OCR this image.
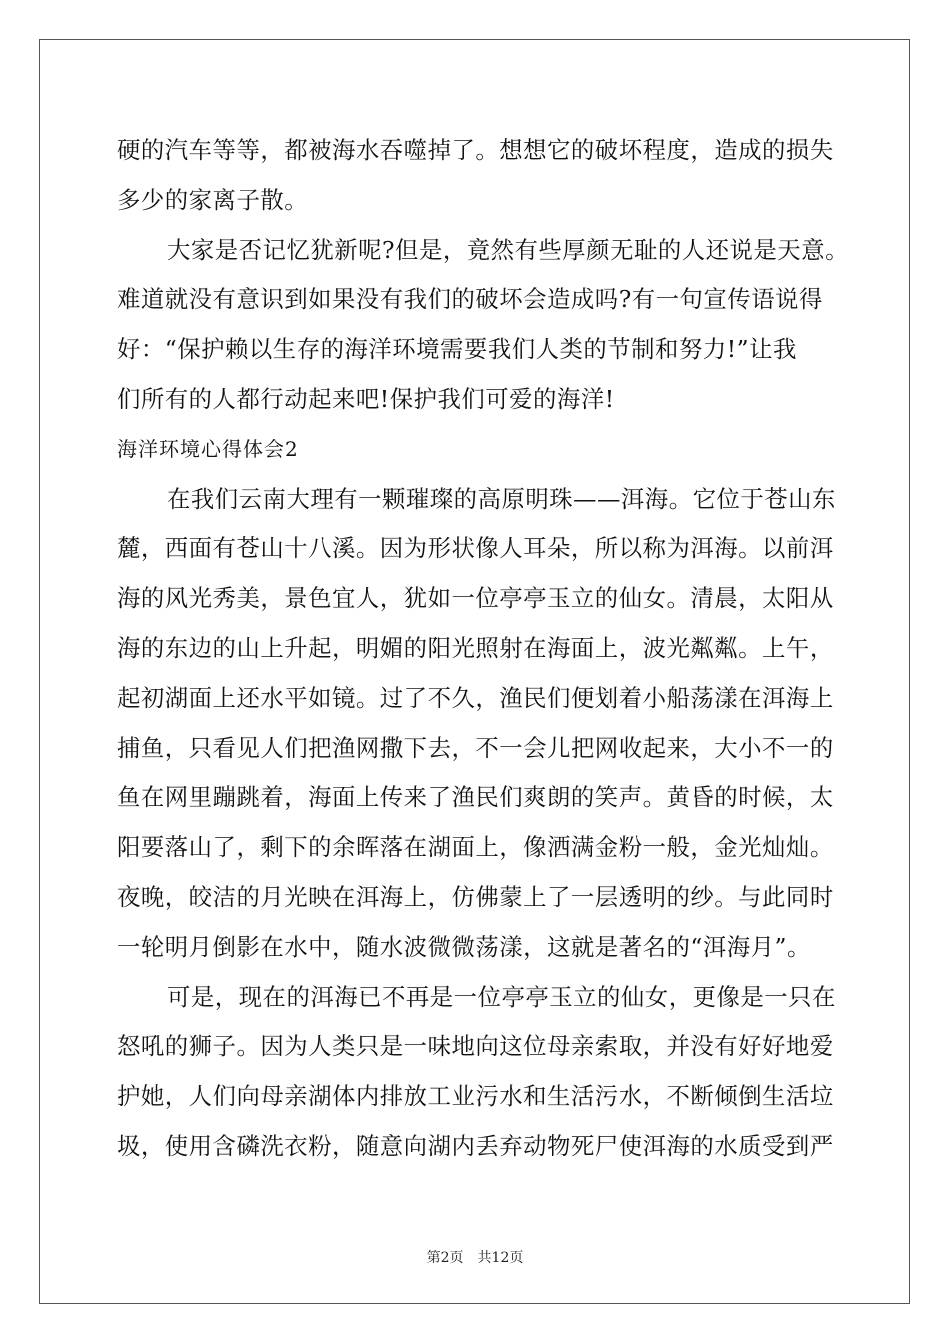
硬的汽车等等，都被海水吞噬掉了。想想它的破坏程度，造成的损失
多少的家离子散。
大家是否记忆犹新呢?但是，竟然有些厚颜无耻的人还说是天意。
难道就没有意识到如果没有我们的破坏会造成吗?有一句宣传语说得
好：“保护赖以生存的海洋环境需要我们人类的节制和努力!”让我
们所有的人都行动起来吧!保护我们可爱的海洋!
海洋环境心得体会2
在我们云南大理有一颗璀璨的高原明珠——洱海。它位于苍山东
麓，西面有苍山十八溪。因为形状像人耳朵，所以称为洱海。以前洱
海的风光秀美，景色宜人，犹如一位亭亭玉立的仙女。清晨，太阳从
海的东边的山上升起，明媚的阳光照射在海面上，波光粼粼。上午，
起初湖面上还水平如镜。过了不久，渔民们便划着小船荡漾在洱海上
捕鱼，只看见人们把渔网撒下去，不一会儿把网收起来，大小不一的
鱼在网里蹦跳着，海面上传来了渔民们爽朗的笑声。黄昏的时候，太
阳要落山了，剩下的余晖落在湖面上，像洒满金粉一般，金光灿灿。
夜晚，皎洁的月光映在洱海上，仿佛蒙上了一层透明的纱。与此同时
一轮明月倒影在水中，随水波微微荡漾，这就是著名的“洱海月”。
可是，现在的洱海已不再是一位亭亭玉立的仙女，更像是一只在
怒吼的狮子。因为人类只是一味地向这位母亲索取，并没有好好地爱
护她，人们向母亲湖体内排放工业污水和生活污水，不断倾倒生活垃
圾，使用含磷洗衣粉，随意向湖内丢弃动物死尸使洱海的水质受到严
第2页　共12页
